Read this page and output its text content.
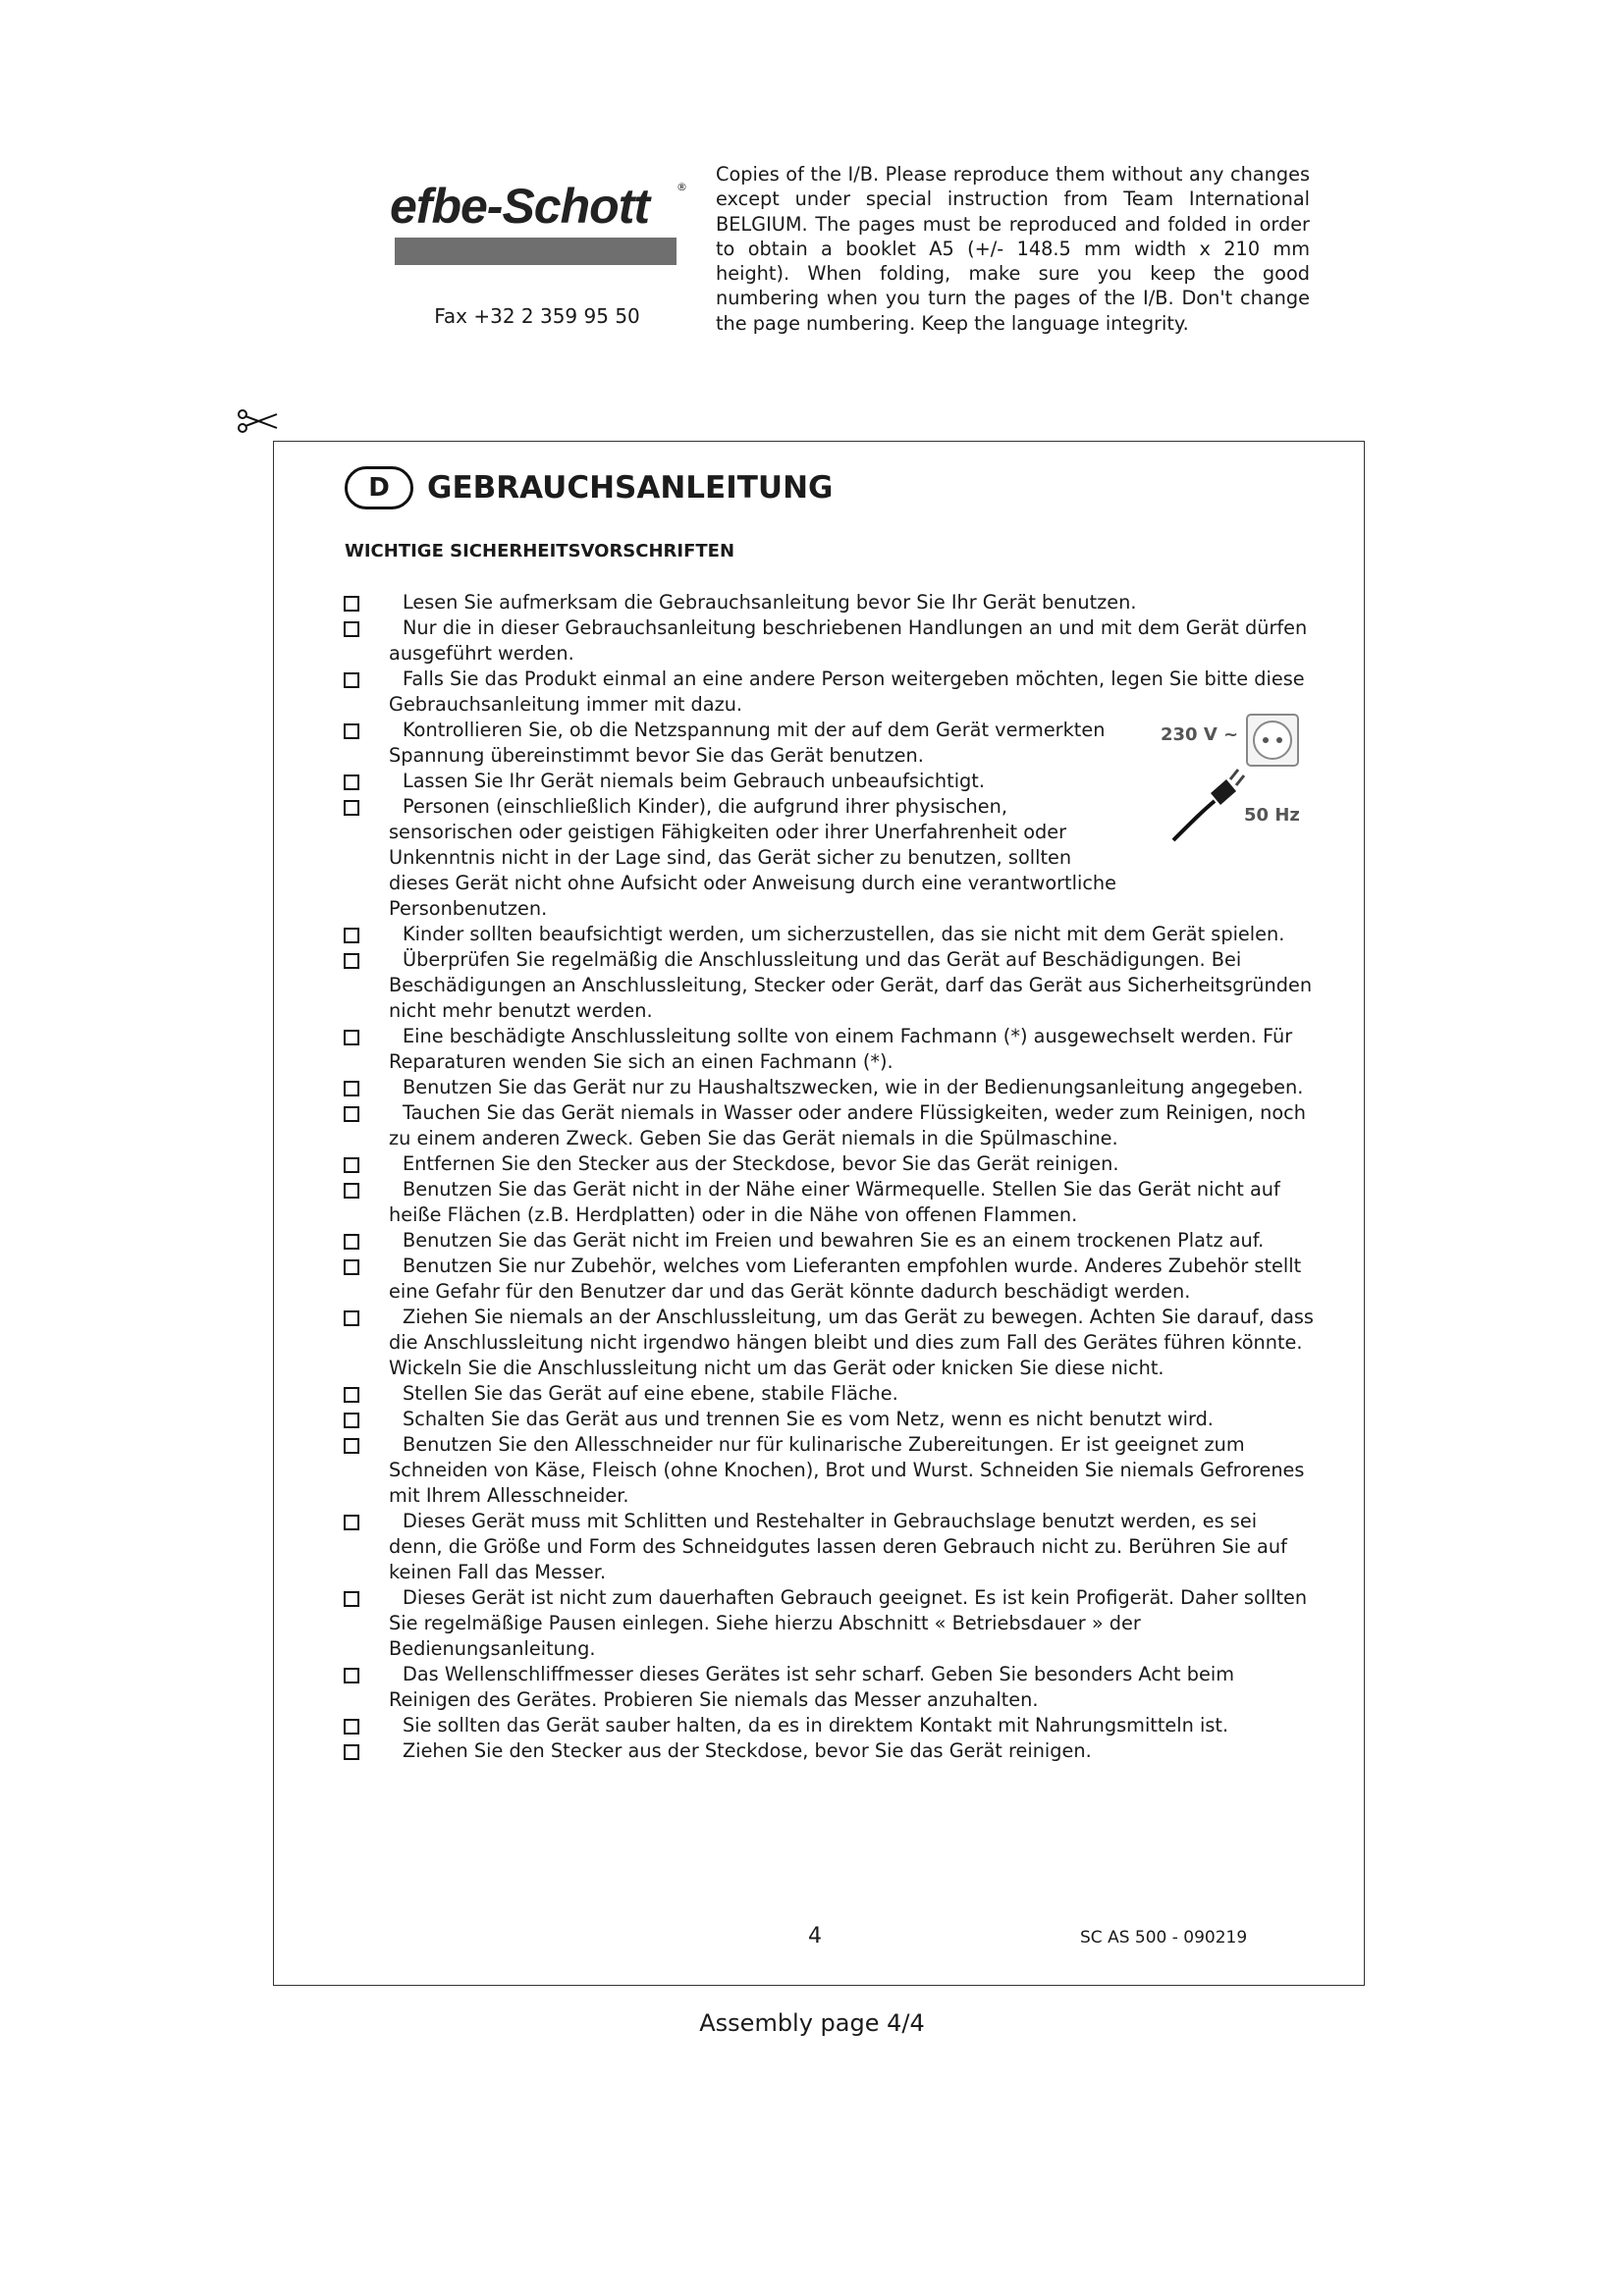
efbe-Schott	®
Fax +32 2 359 95 50
Copies of the I/B. Please reproduce them without any changes except under special instruction from Team International BELGIUM. The pages must be reproduced and folded in order to obtain a booklet A5 (+/- 148.5 mm width x 210 mm height). When folding, make sure you keep the good numbering when you turn the pages of the I/B. Don't change the page numbering. Keep the language integrity.
D	GEBRAUCHSANLEITUNG
WICHTIGE SICHERHEITSVORSCHRIFTEN
Lesen Sie aufmerksam die Gebrauchsanleitung bevor Sie Ihr Gerät benutzen.
Nur die in dieser Gebrauchsanleitung beschriebenen Handlungen an und mit dem Gerät dürfen ausgeführt werden.
Falls Sie das Produkt einmal an eine andere Person weitergeben möchten, legen Sie bitte diese Gebrauchsanleitung immer mit dazu.
Kontrollieren Sie, ob die Netzspannung mit der auf dem Gerät vermerkten Spannung übereinstimmt bevor Sie das Gerät benutzen.
Lassen Sie Ihr Gerät niemals beim Gebrauch unbeaufsichtigt.
Personen (einschließlich Kinder), die aufgrund ihrer physischen, sensorischen oder geistigen Fähigkeiten oder ihrer Unerfahrenheit oder Unkenntnis nicht in der Lage sind, das Gerät sicher zu benutzen, sollten dieses Gerät nicht ohne Aufsicht oder Anweisung durch eine verantwortliche Personbenutzen.
Kinder sollten beaufsichtigt werden, um sicherzustellen, das sie nicht mit dem Gerät spielen.
Überprüfen Sie regelmäßig die Anschlussleitung und das Gerät auf Beschädigungen. Bei Beschädigungen an Anschlussleitung, Stecker oder Gerät, darf das Gerät aus Sicherheitsgründen nicht mehr benutzt werden.
Eine beschädigte Anschlussleitung sollte von einem Fachmann (*) ausgewechselt werden. Für Reparaturen wenden Sie sich an einen Fachmann (*).
Benutzen Sie das Gerät nur zu Haushaltszwecken, wie in der Bedienungsanleitung angegeben.
Tauchen Sie das Gerät niemals in Wasser oder andere Flüssigkeiten, weder zum Reinigen, noch zu einem anderen Zweck. Geben Sie das Gerät niemals in die Spülmaschine.
Entfernen Sie den Stecker aus der Steckdose, bevor Sie das Gerät reinigen.
Benutzen Sie das Gerät nicht in der Nähe einer Wärmequelle. Stellen Sie das Gerät nicht auf heiße Flächen (z.B. Herdplatten) oder in die Nähe von offenen Flammen.
Benutzen Sie das Gerät nicht im Freien und bewahren Sie es an einem trockenen Platz auf.
Benutzen Sie nur Zubehör, welches vom Lieferanten empfohlen wurde. Anderes Zubehör stellt eine Gefahr für den Benutzer dar und das Gerät könnte dadurch beschädigt werden.
Ziehen Sie niemals an der Anschlussleitung, um das Gerät zu bewegen. Achten Sie darauf, dass die Anschlussleitung nicht irgendwo hängen bleibt und dies zum Fall des Gerätes führen könnte. Wickeln Sie die Anschlussleitung nicht um das Gerät oder knicken Sie diese nicht.
Stellen Sie das Gerät auf eine ebene, stabile Fläche.
Schalten Sie das Gerät aus und trennen Sie es vom Netz, wenn es nicht benutzt wird.
Benutzen Sie den Allesschneider nur für kulinarische Zubereitungen. Er ist geeignet zum Schneiden von Käse, Fleisch (ohne Knochen), Brot und Wurst. Schneiden Sie niemals Gefrorenes mit Ihrem Allesschneider.
Dieses Gerät muss mit Schlitten und Restehalter in Gebrauchslage benutzt werden, es sei denn, die Größe und Form des Schneidgutes lassen deren Gebrauch nicht zu. Berühren Sie auf keinen Fall das Messer.
Dieses Gerät ist nicht zum dauerhaften Gebrauch geeignet. Es ist kein Profigerät. Daher sollten Sie regelmäßige Pausen einlegen. Siehe hierzu Abschnitt « Betriebsdauer » der Bedienungsanleitung.
Das Wellenschliffmesser dieses Gerätes ist sehr scharf. Geben Sie besonders Acht beim Reinigen des Gerätes. Probieren Sie niemals das Messer anzuhalten.
Sie sollten das Gerät sauber halten, da es in direktem Kontakt mit Nahrungsmitteln ist.
Ziehen Sie den Stecker aus der Steckdose, bevor Sie das Gerät reinigen.
230 V ~
50 Hz
4	SC AS 500 - 090219
Assembly page 4/4
